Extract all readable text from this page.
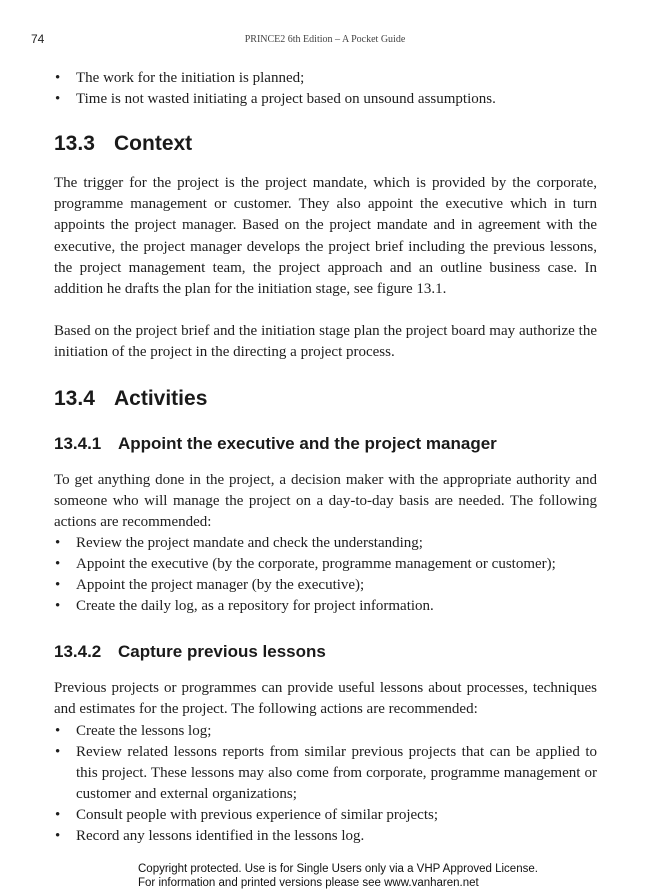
74	PRINCE2 6th Edition – A Pocket Guide
• The work for the initiation is planned;
• Time is not wasted initiating a project based on unsound assumptions.
13.3 Context

The trigger for the project is the project mandate, which is provided by the corporate, programme management or customer. They also appoint the executive which in turn appoints the project manager. Based on the project mandate and in agreement with the executive, the project manager develops the project brief including the previous lessons, the project management team, the project approach and an outline business case. In addition he drafts the plan for the initiation stage, see figure 13.1.

Based on the project brief and the initiation stage plan the project board may authorize the initiation of the project in the directing a project process.

13.4 Activities
13.4.1 Appoint the executive and the project manager

To get anything done in the project, a decision maker with the appropriate authority and someone who will manage the project on a day-to-day basis are needed. The following actions are recommended:

• Review the project mandate and check the understanding;
• Appoint the executive (by the corporate, programme management or customer);
• Appoint the project manager (by the executive);
• Create the daily log, as a repository for project information.
13.4.2 Capture previous lessons

Previous projects or programmes can provide useful lessons about processes, techniques and estimates for the project. The following actions are recommended:

• Create the lessons log;
• Review related lessons reports from similar previous projects that can be applied to this project. These lessons may also come from corporate, programme management or customer and external organizations;
• Consult people with previous experience of similar projects;
• Record any lessons identified in the lessons log.
Copyright protected. Use is for Single Users only via a VHP Approved License.
For information and printed versions please see www.vanharen.net
